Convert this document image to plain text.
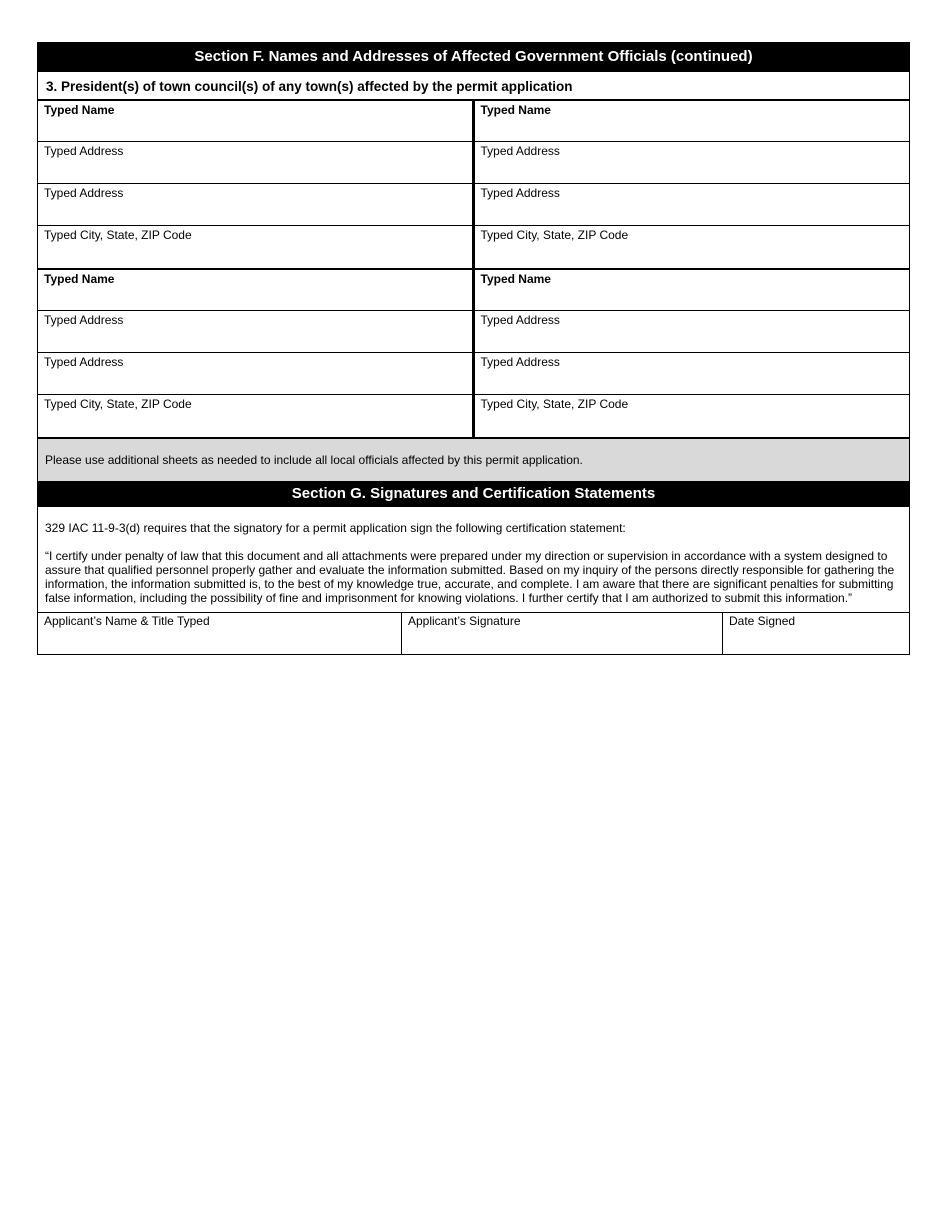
Section F. Names and Addresses of Affected Government Officials (continued)
3. President(s) of town council(s) of any town(s) affected by the permit application
Typed Name
Typed Address
Typed Address
Typed City, State, ZIP Code
Typed Name
Typed Address
Typed Address
Typed City, State, ZIP Code
Typed Name
Typed Address
Typed Address
Typed City, State, ZIP Code
Typed Name
Typed Address
Typed Address
Typed City, State, ZIP Code
Please use additional sheets as needed to include all local officials affected by this permit application.
Section G. Signatures and Certification Statements

329 IAC 11-9-3(d) requires that the signatory for a permit application sign the following certification statement:

“I certify under penalty of law that this document and all attachments were prepared under my direction or supervision in accordance with a system designed to assure that qualified personnel properly gather and evaluate the information submitted. Based on my inquiry of the persons directly responsible for gathering the information, the information submitted is, to the best of my knowledge true, accurate, and complete. I am aware that there are significant penalties for submitting false information, including the possibility of fine and imprisonment for knowing violations. I further certify that I am authorized to submit this information.”

Applicant’s Name & Title Typed	Applicant’s Signature	Date Signed
